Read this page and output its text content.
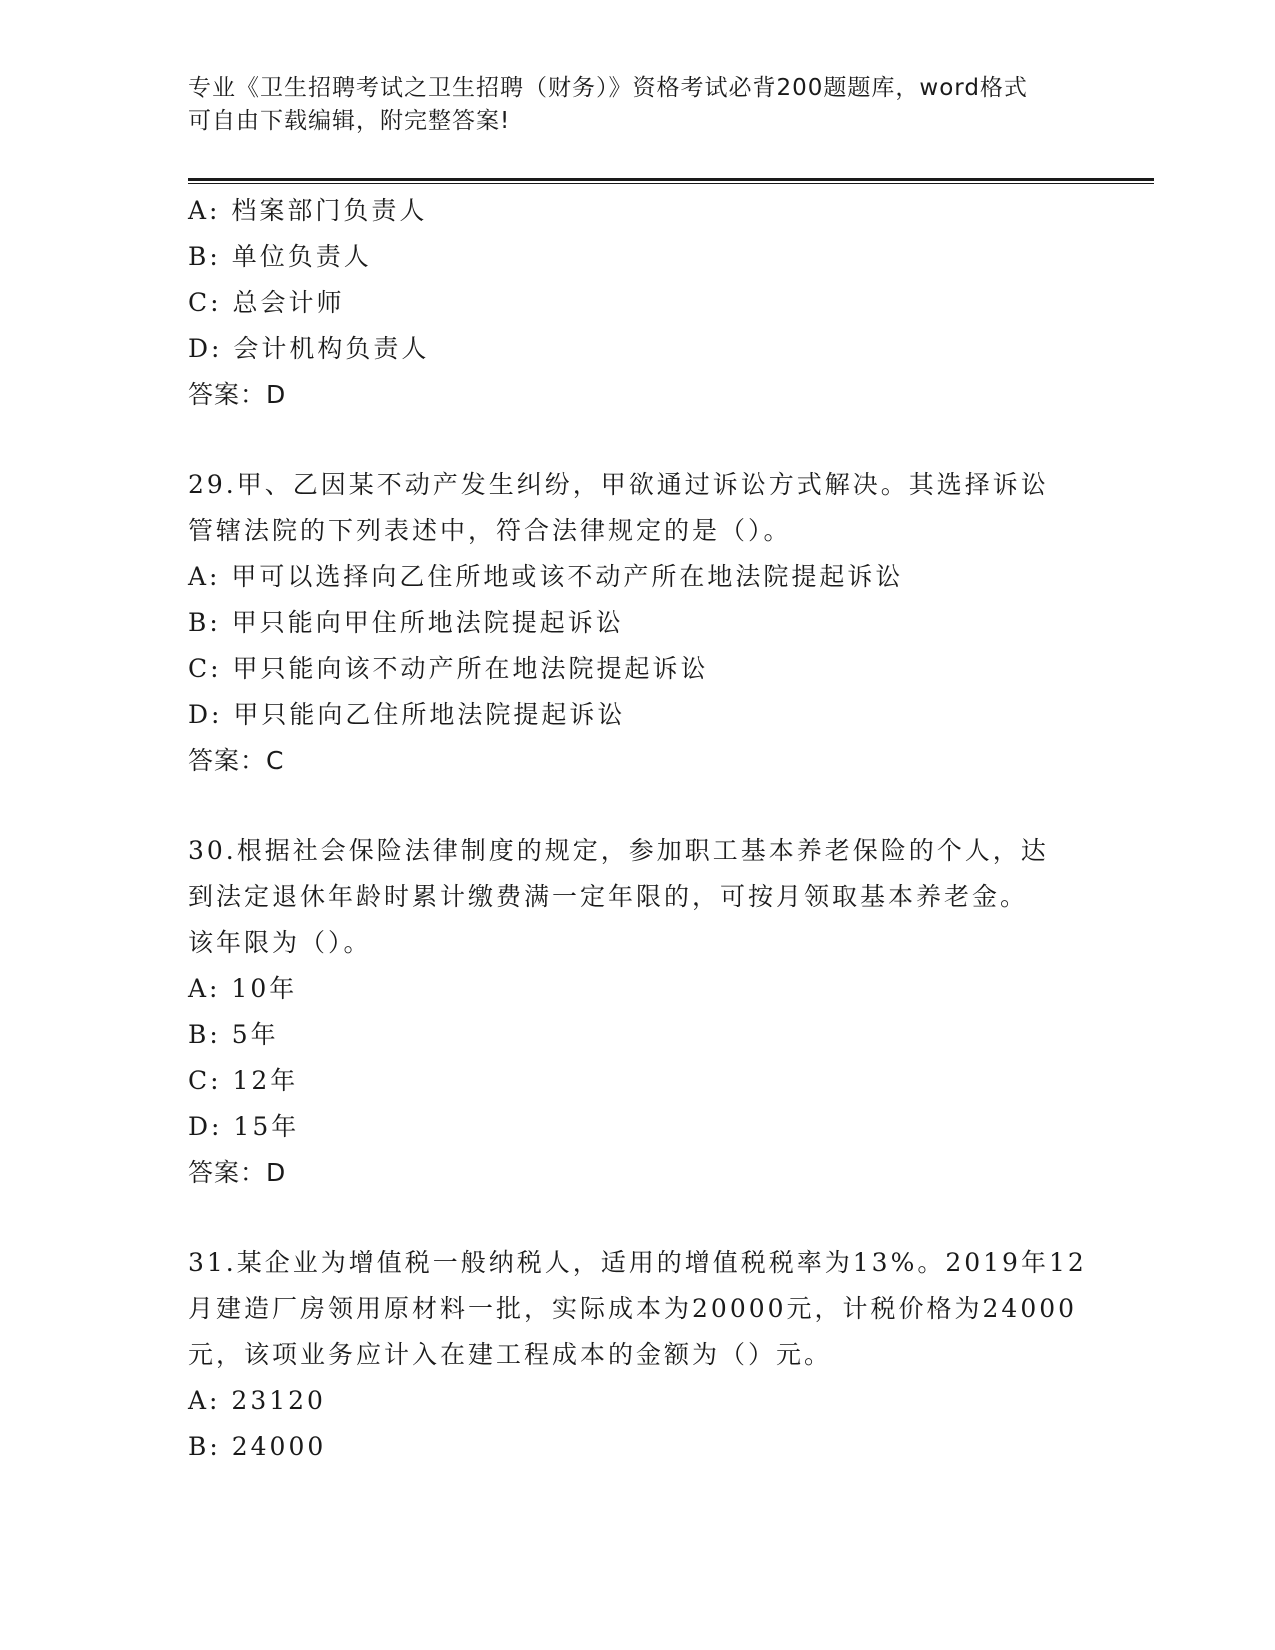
专业《卫生招聘考试之卫生招聘（财务）》资格考试必背200题题库，word格式
可自由下载编辑，附完整答案!
A: 档案部门负责人
B: 单位负责人
C: 总会计师
D: 会计机构负责人
答案：D
29.甲、乙因某不动产发生纠纷，甲欲通过诉讼方式解决。其选择诉讼
管辖法院的下列表述中，符合法律规定的是（）。
A: 甲可以选择向乙住所地或该不动产所在地法院提起诉讼
B: 甲只能向甲住所地法院提起诉讼
C: 甲只能向该不动产所在地法院提起诉讼
D: 甲只能向乙住所地法院提起诉讼
答案：C
30.根据社会保险法律制度的规定，参加职工基本养老保险的个人，达
到法定退休年龄时累计缴费满一定年限的，可按月领取基本养老金。
该年限为（）。
A: 10年
B: 5年
C: 12年
D: 15年
答案：D
31.某企业为增值税一般纳税人，适用的增值税税率为13%。2019年12
月建造厂房领用原材料一批，实际成本为20000元，计税价格为24000
元，该项业务应计入在建工程成本的金额为（）元。
A: 23120
B: 24000
